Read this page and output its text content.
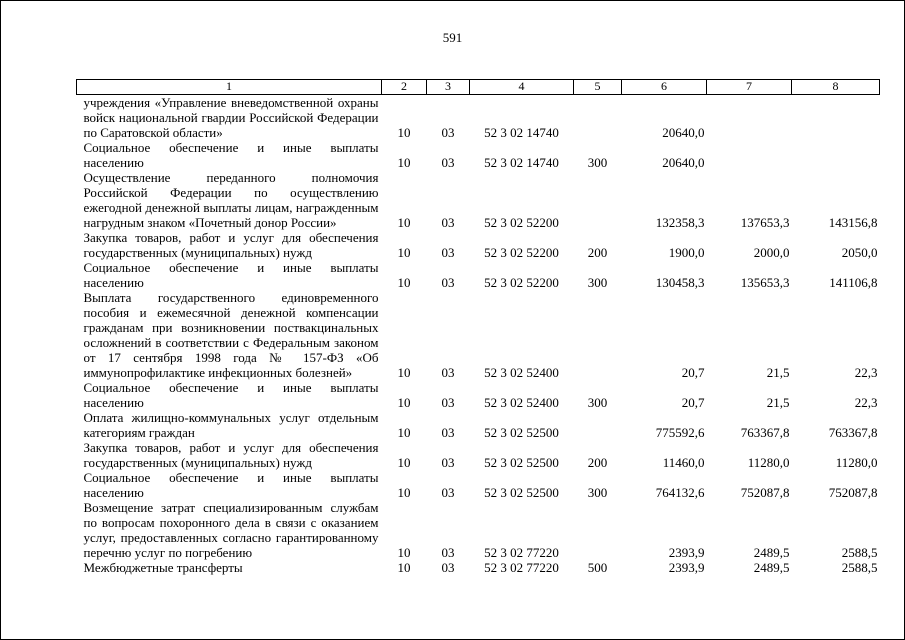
591
1	2	3	4	5	6	7	8
учреждения «Управление вневедомственной охраны войск национальной гвардии Российской Федерации по Саратовской области»	10	03	52 3 02 14740		20640,0		
Социальное обеспечение и иные выплаты населению	10	03	52 3 02 14740	300	20640,0		
Осуществление переданного полномочия Российской Федерации по осуществлению ежегодной денежной выплаты лицам, награжденным нагрудным знаком «Почетный донор России»	10	03	52 3 02 52200		132358,3	137653,3	143156,8
Закупка товаров, работ и услуг для обеспечения государственных (муниципальных) нужд	10	03	52 3 02 52200	200	1900,0	2000,0	2050,0
Социальное обеспечение и иные выплаты населению	10	03	52 3 02 52200	300	130458,3	135653,3	141106,8
Выплата государственного единовременного пособия и ежемесячной денежной компенсации гражданам при возникновении поствакцинальных осложнений в соответствии с Федеральным законом от 17 сентября 1998 года № 157-ФЗ «Об иммунопрофилактике инфекционных болезней»	10	03	52 3 02 52400		20,7	21,5	22,3
Социальное обеспечение и иные выплаты населению	10	03	52 3 02 52400	300	20,7	21,5	22,3
Оплата жилищно-коммунальных услуг отдельным категориям граждан	10	03	52 3 02 52500		775592,6	763367,8	763367,8
Закупка товаров, работ и услуг для обеспечения государственных (муниципальных) нужд	10	03	52 3 02 52500	200	11460,0	11280,0	11280,0
Социальное обеспечение и иные выплаты населению	10	03	52 3 02 52500	300	764132,6	752087,8	752087,8
Возмещение затрат специализированным службам по вопросам похоронного дела в связи с оказанием услуг, предоставленных согласно гарантированному перечню услуг по погребению	10	03	52 3 02 77220		2393,9	2489,5	2588,5
Межбюджетные трансферты	10	03	52 3 02 77220	500	2393,9	2489,5	2588,5
